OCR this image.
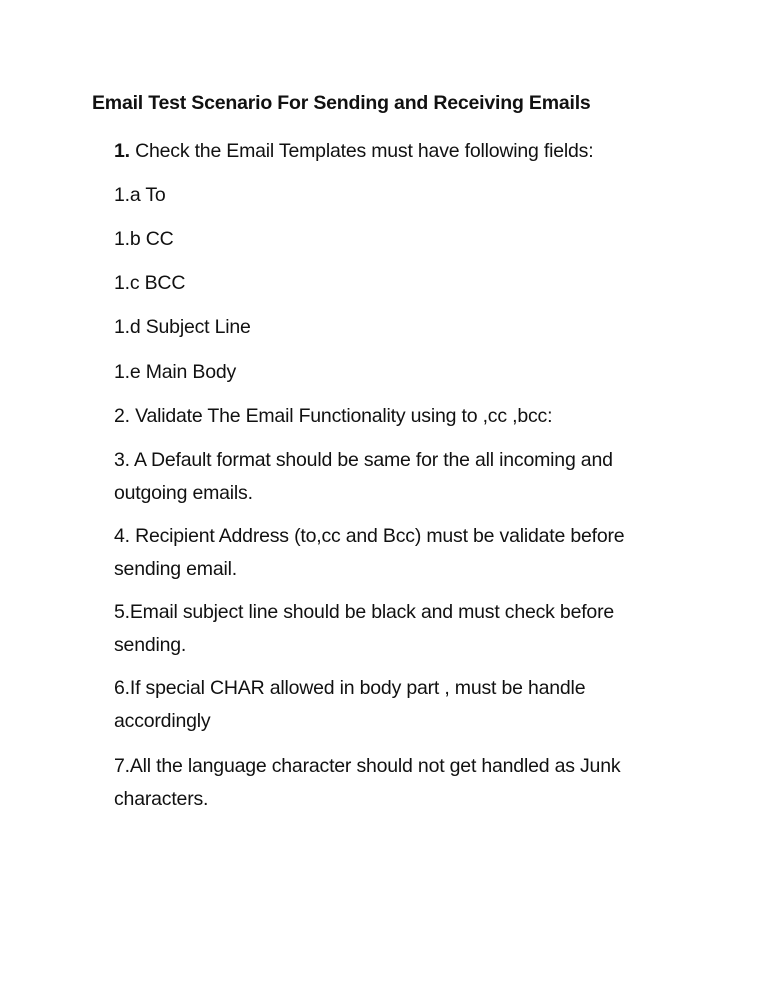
Email Test Scenario For Sending and Receiving Emails
1. Check the Email Templates must have following fields:
1.a To
1.b CC
1.c BCC
1.d Subject Line
1.e Main Body
2. Validate The Email Functionality using to ,cc ,bcc:
3. A Default format should be same for the all incoming and
outgoing emails.
4. Recipient Address (to,cc and Bcc) must be validate before
sending email.
5.Email subject line should be black and must check before
sending.
6.If special CHAR allowed in body part , must be handle
accordingly
7.All the language character should not get handled as Junk
characters.
